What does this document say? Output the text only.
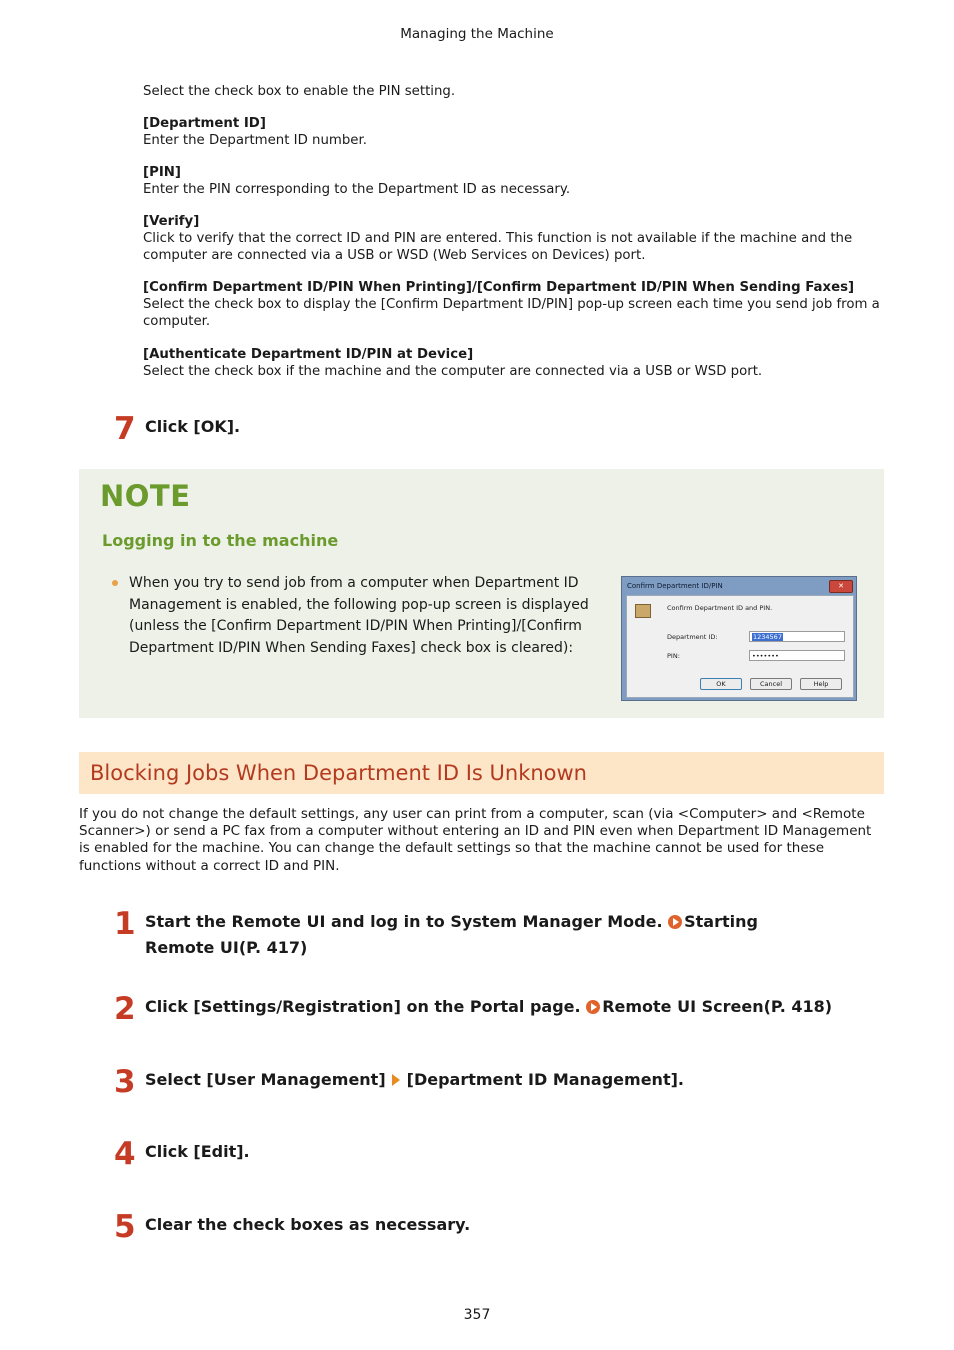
Managing the Machine
Select the check box to enable the PIN setting.
[Department ID]
Enter the Department ID number.
[PIN]
Enter the PIN corresponding to the Department ID as necessary.
[Verify]
Click to verify that the correct ID and PIN are entered. This function is not available if the machine and the computer are connected via a USB or WSD (Web Services on Devices) port.
[Confirm Department ID/PIN When Printing]/[Confirm Department ID/PIN When Sending Faxes]
Select the check box to display the [Confirm Department ID/PIN] pop-up screen each time you send job from a computer.
[Authenticate Department ID/PIN at Device]
Select the check box if the machine and the computer are connected via a USB or WSD port.
7 Click [OK].
NOTE
Logging in to the machine
When you try to send job from a computer when Department ID Management is enabled, the following pop-up screen is displayed (unless the [Confirm Department ID/PIN When Printing]/[Confirm Department ID/PIN When Sending Faxes] check box is cleared):
Confirm Department ID/PIN	✕
Confirm Department ID and PIN.
Department ID:	1234567
PIN:	•••••••
OK	Cancel	Help
Blocking Jobs When Department ID Is Unknown
If you do not change the default settings, any user can print from a computer, scan (via <Computer> and <Remote Scanner>) or send a PC fax from a computer without entering an ID and PIN even when Department ID Management is enabled for the machine. You can change the default settings so that the machine cannot be used for these functions without a correct ID and PIN.
1 Start the Remote UI and log in to System Manager Mode. Starting Remote UI(P. 417)
2 Click [Settings/Registration] on the Portal page. Remote UI Screen(P. 418)
3 Select [User Management] [Department ID Management].
4 Click [Edit].
5 Clear the check boxes as necessary.
357
